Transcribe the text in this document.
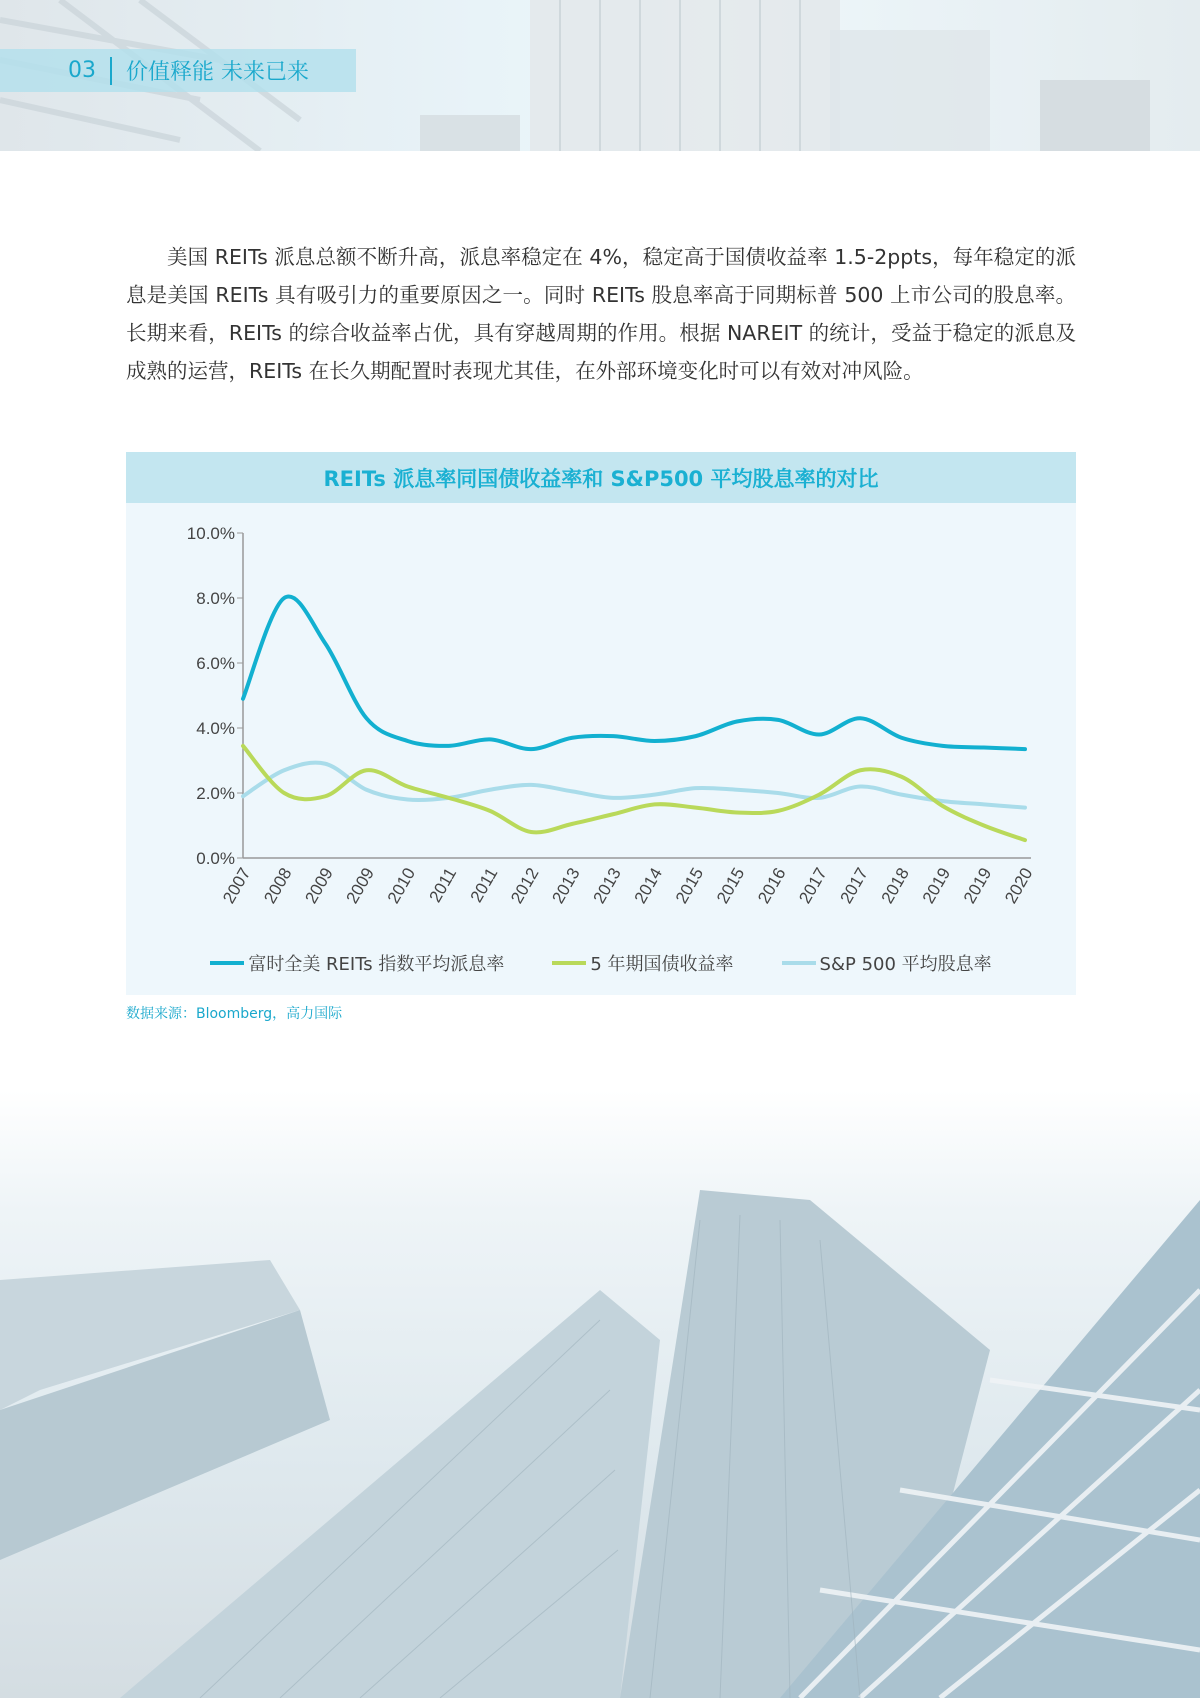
03 价值释能 未来已来

美国 REITs 派息总额不断升高，派息率稳定在 4%，稳定高于国债收益率 1.5-2ppts，每年稳定的派息是美国 REITs 具有吸引力的重要原因之一。同时 REITs 股息率高于同期标普 500 上市公司的股息率。长期来看，REITs 的综合收益率占优，具有穿越周期的作用。根据 NAREIT 的统计，受益于稳定的派息及成熟的运营，REITs 在长久期配置时表现尤其佳，在外部环境变化时可以有效对冲风险。

REITs 派息率同国债收益率和 S&P500 平均股息率的对比
0.0%
2.0%
4.0%
6.0%
8.0%
10.0%
2007 2008 2009 2009 2010 2011 2011 2012 2013 2013 2014 2015 2015 2016 2017 2017 2018 2019 2019 2020
富时全美 REITs 指数平均派息率	5 年期国债收益率	S&P 500 平均股息率
数据来源：Bloomberg，高力国际
